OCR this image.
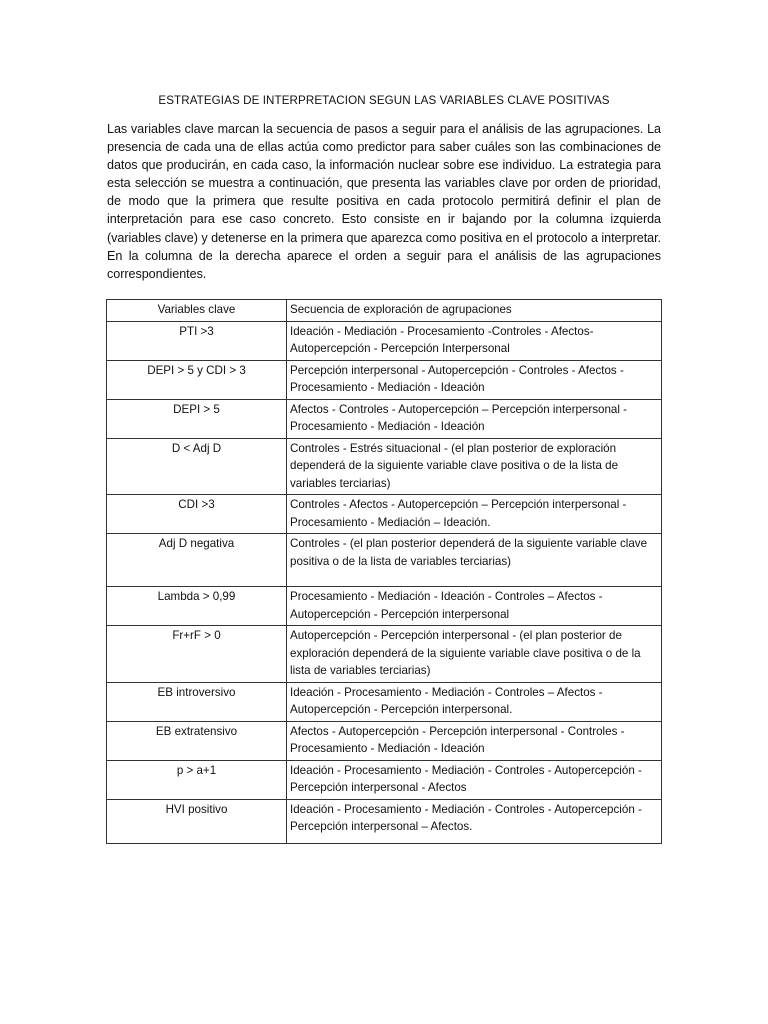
ESTRATEGIAS DE INTERPRETACION SEGUN LAS VARIABLES CLAVE POSITIVAS

Las variables clave marcan la secuencia de pasos a seguir para el análisis de las agrupaciones. La presencia de cada una de ellas actúa como predictor para saber cuáles son las combinaciones de datos que producirán, en cada caso, la información nuclear sobre ese individuo. La estrategia para esta selección se muestra a continuación, que presenta las variables clave por orden de prioridad, de modo que la primera que resulte positiva en cada protocolo permitirá definir el plan de interpretación para ese caso concreto. Esto consiste en ir bajando por la columna izquierda (variables clave) y detenerse en la primera que aparezca como positiva en el protocolo a interpretar. En la columna de la derecha aparece el orden a seguir para el análisis de las agrupaciones correspondientes.

Variables clave	Secuencia de exploración de agrupaciones
PTI >3	Ideación - Mediación - Procesamiento -Controles - Afectos- Autopercepción - Percepción Interpersonal
DEPI > 5 y CDI > 3	Percepción interpersonal - Autopercepción - Controles - Afectos - Procesamiento - Mediación - Ideación
DEPI > 5	Afectos - Controles - Autopercepción – Percepción interpersonal - Procesamiento - Mediación - Ideación
D < Adj D	Controles - Estrés situacional - (el plan posterior de exploración dependerá de la siguiente variable clave positiva o de la lista de variables terciarias)
CDI >3	Controles - Afectos - Autopercepción – Percepción interpersonal - Procesamiento - Mediación – Ideación.
Adj D negativa	Controles - (el plan posterior dependerá de la siguiente variable clave positiva o de la lista de variables terciarias)
Lambda > 0,99	Procesamiento - Mediación - Ideación - Controles – Afectos - Autopercepción - Percepción interpersonal
Fr+rF > 0	Autopercepción - Percepción interpersonal - (el plan posterior de exploración dependerá de la siguiente variable clave positiva o de la lista de variables terciarias)
EB introversivo	Ideación - Procesamiento - Mediación - Controles – Afectos - Autopercepción - Percepción interpersonal.
EB extratensivo	Afectos - Autopercepción - Percepción interpersonal - Controles - Procesamiento - Mediación - Ideación
p > a+1	Ideación - Procesamiento - Mediación - Controles - Autopercepción - Percepción interpersonal - Afectos
HVI positivo	Ideación - Procesamiento - Mediación - Controles - Autopercepción - Percepción interpersonal – Afectos.
